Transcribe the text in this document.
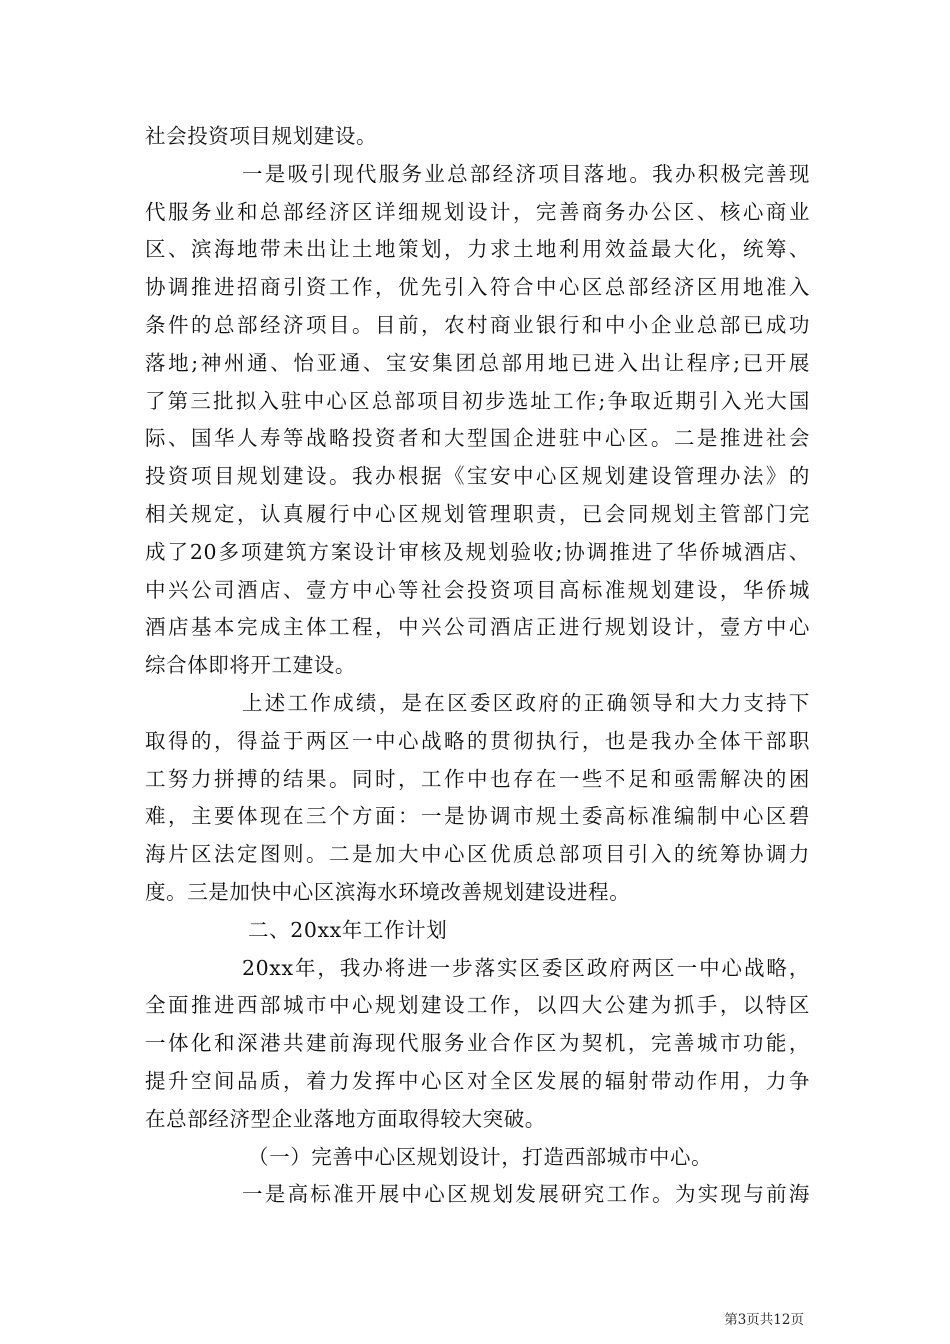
社会投资项目规划建设。
一是吸引现代服务业总部经济项目落地。我办积极完善现
代服务业和总部经济区详细规划设计，完善商务办公区、核心商业
区、滨海地带未出让土地策划，力求土地利用效益最大化，统筹、
协调推进招商引资工作，优先引入符合中心区总部经济区用地准入
条件的总部经济项目。目前，农村商业银行和中小企业总部已成功
落地;神州通、怡亚通、宝安集团总部用地已进入出让程序;已开展
了第三批拟入驻中心区总部项目初步选址工作;争取近期引入光大国
际、国华人寿等战略投资者和大型国企进驻中心区。二是推进社会
投资项目规划建设。我办根据《宝安中心区规划建设管理办法》的
相关规定，认真履行中心区规划管理职责，已会同规划主管部门完
成了20多项建筑方案设计审核及规划验收;协调推进了华侨城酒店、
中兴公司酒店、壹方中心等社会投资项目高标准规划建设，华侨城
酒店基本完成主体工程，中兴公司酒店正进行规划设计，壹方中心
综合体即将开工建设。
上述工作成绩，是在区委区政府的正确领导和大力支持下
取得的，得益于两区一中心战略的贯彻执行，也是我办全体干部职
工努力拼搏的结果。同时，工作中也存在一些不足和亟需解决的困
难，主要体现在三个方面：一是协调市规土委高标准编制中心区碧
海片区法定图则。二是加大中心区优质总部项目引入的统筹协调力
度。三是加快中心区滨海水环境改善规划建设进程。
二、20xx年工作计划
20xx年，我办将进一步落实区委区政府两区一中心战略，
全面推进西部城市中心规划建设工作，以四大公建为抓手，以特区
一体化和深港共建前海现代服务业合作区为契机，完善城市功能，
提升空间品质，着力发挥中心区对全区发展的辐射带动作用，力争
在总部经济型企业落地方面取得较大突破。
（一）完善中心区规划设计，打造西部城市中心。
一是高标准开展中心区规划发展研究工作。为实现与前海
第3页共12页
